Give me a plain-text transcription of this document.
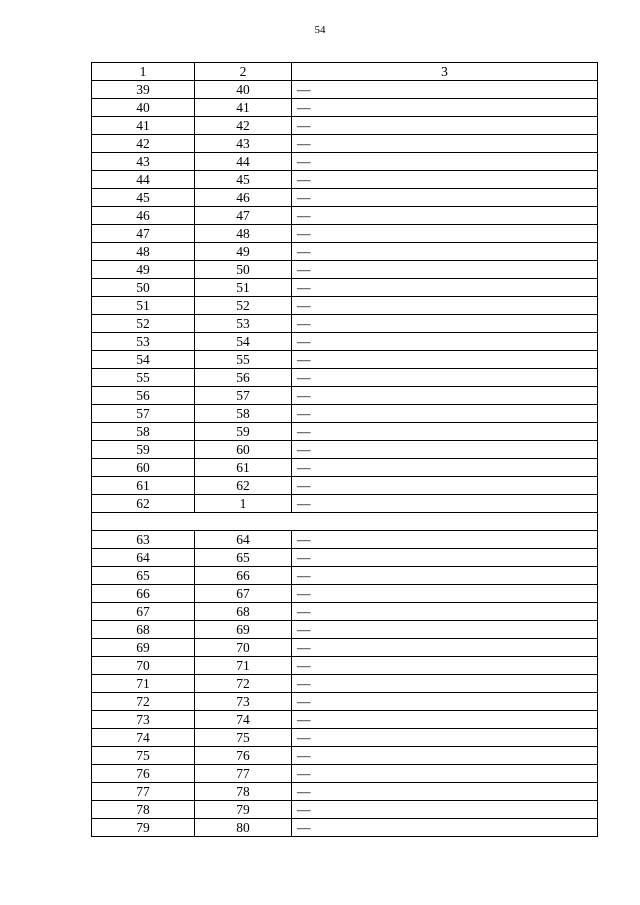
54
1	2	3
39	40	—
40	41	—
41	42	—
42	43	—
43	44	—
44	45	—
45	46	—
46	47	—
47	48	—
48	49	—
49	50	—
50	51	—
51	52	—
52	53	—
53	54	—
54	55	—
55	56	—
56	57	—
57	58	—
58	59	—
59	60	—
60	61	—
61	62	—
62	1	—

63	64	—
64	65	—
65	66	—
66	67	—
67	68	—
68	69	—
69	70	—
70	71	—
71	72	—
72	73	—
73	74	—
74	75	—
75	76	—
76	77	—
77	78	—
78	79	—
79	80	—
